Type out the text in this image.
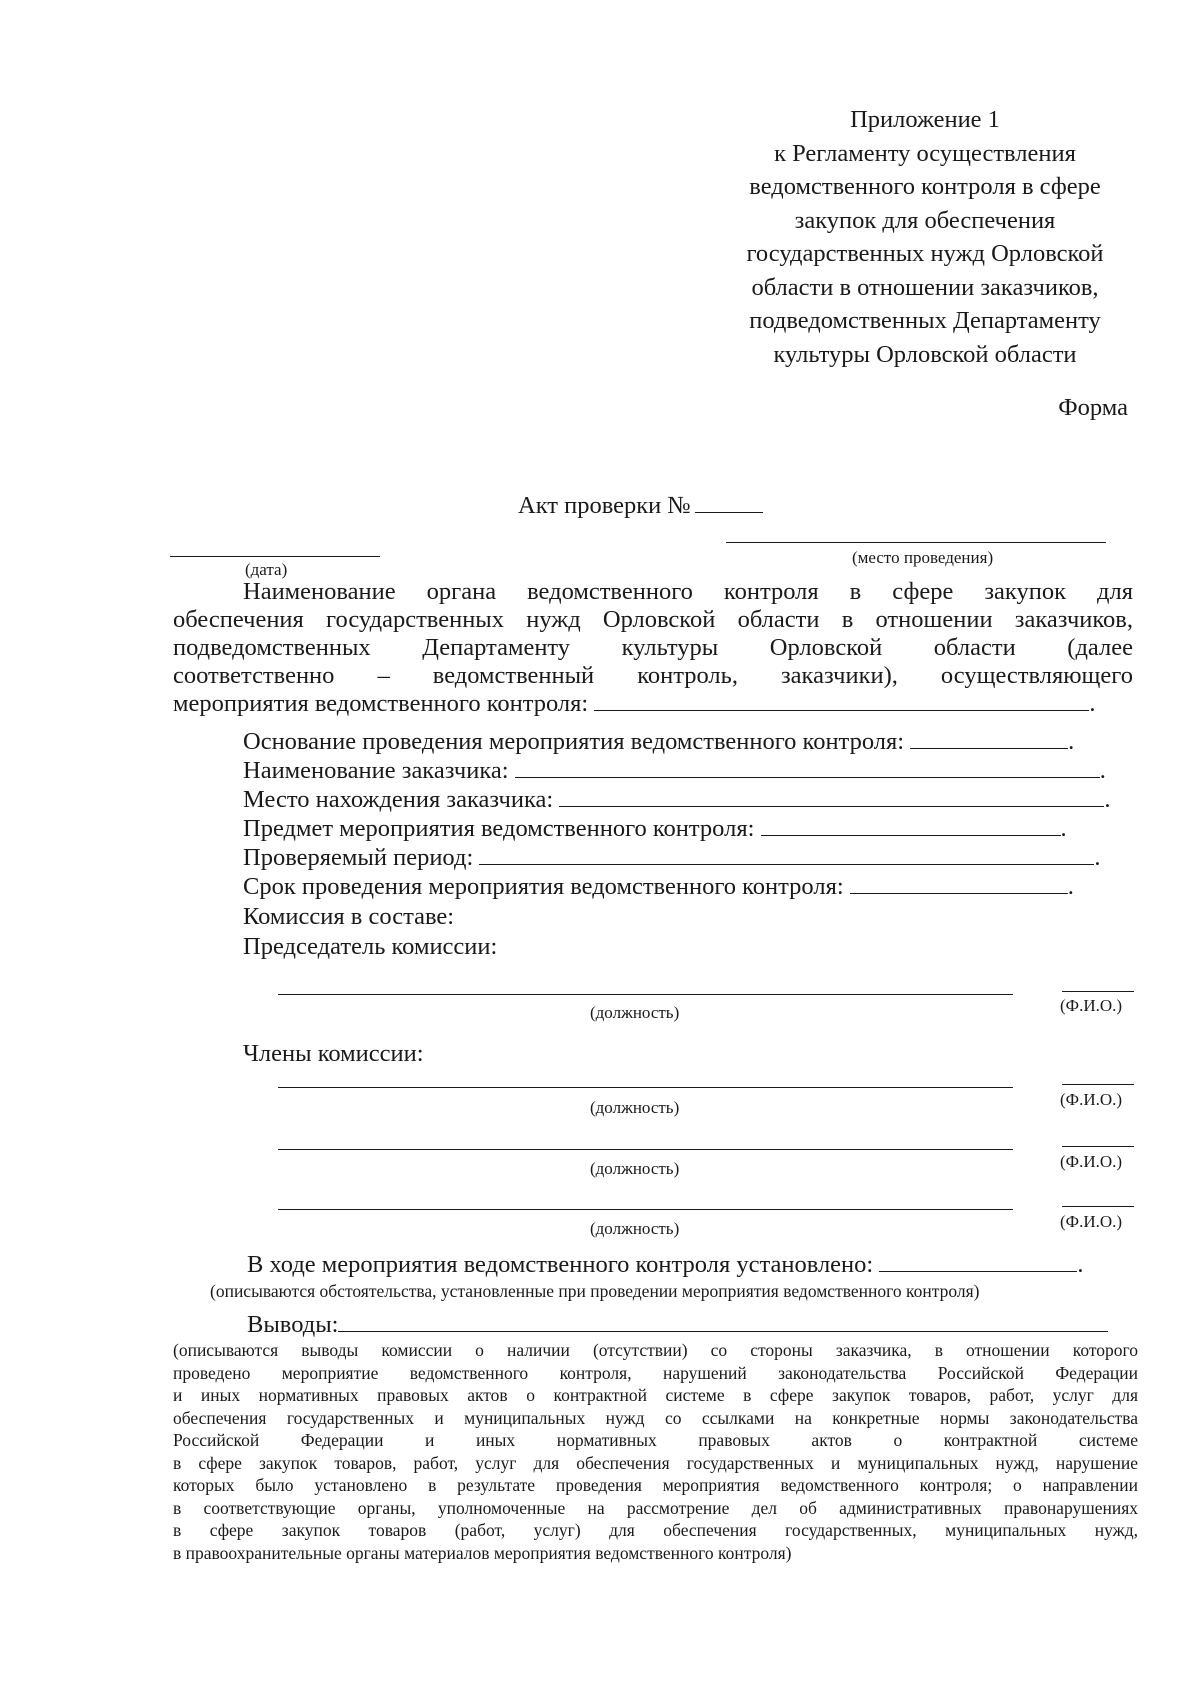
Приложение 1
к Регламенту осуществления
ведомственного контроля в сфере
закупок для обеспечения
государственных нужд Орловской
области в отношении заказчиков,
подведомственных Департаменту
культуры Орловской области
Форма
Акт проверки №
(дата)
(место проведения)
Наименование органа ведомственного контроля в сфере закупок для
обеспечения государственных нужд Орловской области в отношении заказчиков,
подведомственных Департаменту культуры Орловской области (далее
соответственно – ведомственный контроль, заказчики), осуществляющего
мероприятия ведомственного контроля:	.
Основание проведения мероприятия ведомственного контроля:	.
Наименование заказчика:	.
Место нахождения заказчика:	.
Предмет мероприятия ведомственного контроля:	.
Проверяемый период:	.
Срок проведения мероприятия ведомственного контроля:	.
Комиссия в составе:
Председатель комиссии:
(должность)	(Ф.И.О.)
Члены комиссии:
(должность)	(Ф.И.О.)
(должность)	(Ф.И.О.)
(должность)	(Ф.И.О.)
В ходе мероприятия ведомственного контроля установлено:	.
(описываются обстоятельства, установленные при проведении мероприятия ведомственного контроля)
Выводы:
(описываются выводы комиссии о наличии (отсутствии) со стороны заказчика, в отношении которого
проведено мероприятие ведомственного контроля, нарушений законодательства Российской Федерации
и иных нормативных правовых актов о контрактной системе в сфере закупок товаров, работ, услуг для
обеспечения государственных и муниципальных нужд со ссылками на конкретные нормы законодательства
Российской Федерации и иных нормативных правовых актов о контрактной системе
в сфере закупок товаров, работ, услуг для обеспечения государственных и муниципальных нужд, нарушение
которых было установлено в результате проведения мероприятия ведомственного контроля; о направлении
в соответствующие органы, уполномоченные на рассмотрение дел об административных правонарушениях
в сфере закупок товаров (работ, услуг) для обеспечения государственных, муниципальных нужд,
в правоохранительные органы материалов мероприятия ведомственного контроля)
